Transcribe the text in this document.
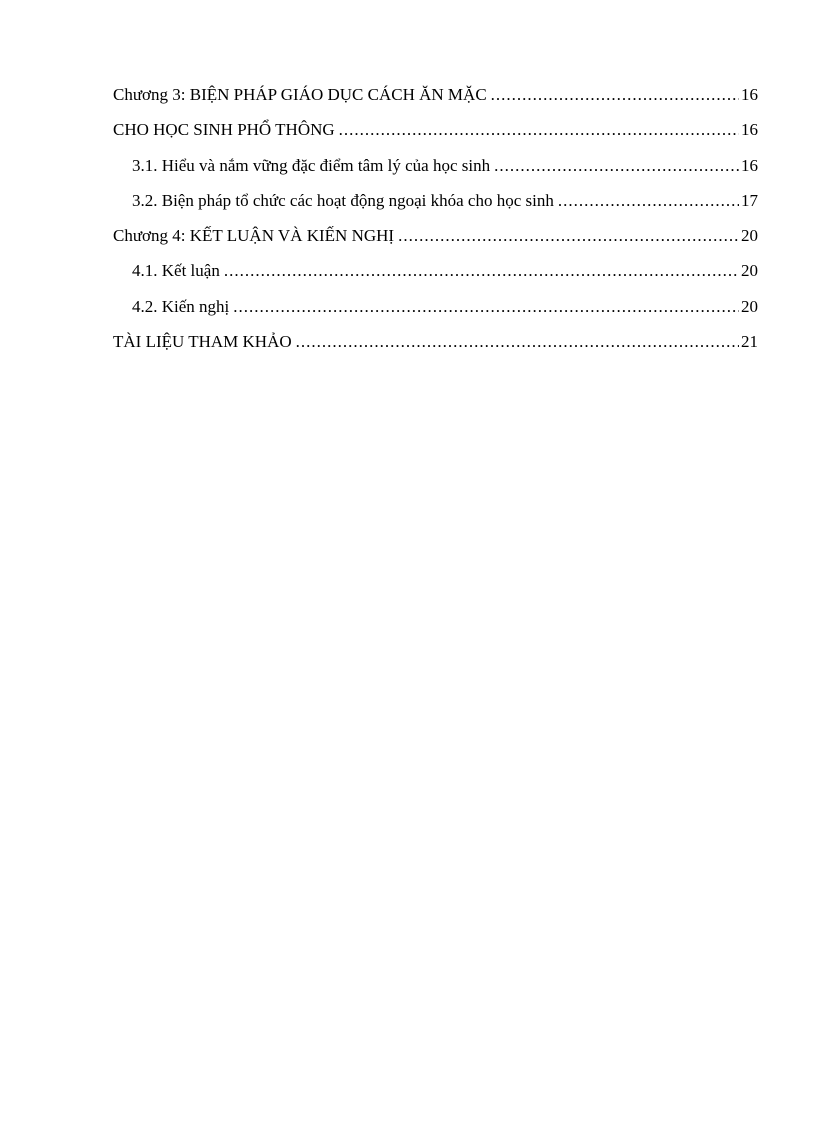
Chương 3: BIỆN PHÁP GIÁO DỤC CÁCH ĂN MẶC .....	16
CHO HỌC SINH PHỔ THÔNG .....	16
3.1. Hiểu và nắm vững đặc điểm tâm lý của học sinh .....	16
3.2. Biện pháp tổ chức các hoạt động ngoại khóa cho học sinh .....	17
Chương 4: KẾT LUẬN VÀ KIẾN NGHỊ .....	20
4.1. Kết luận .....	20
4.2. Kiến nghị .....	20
TÀI LIỆU THAM KHẢO .....	21
